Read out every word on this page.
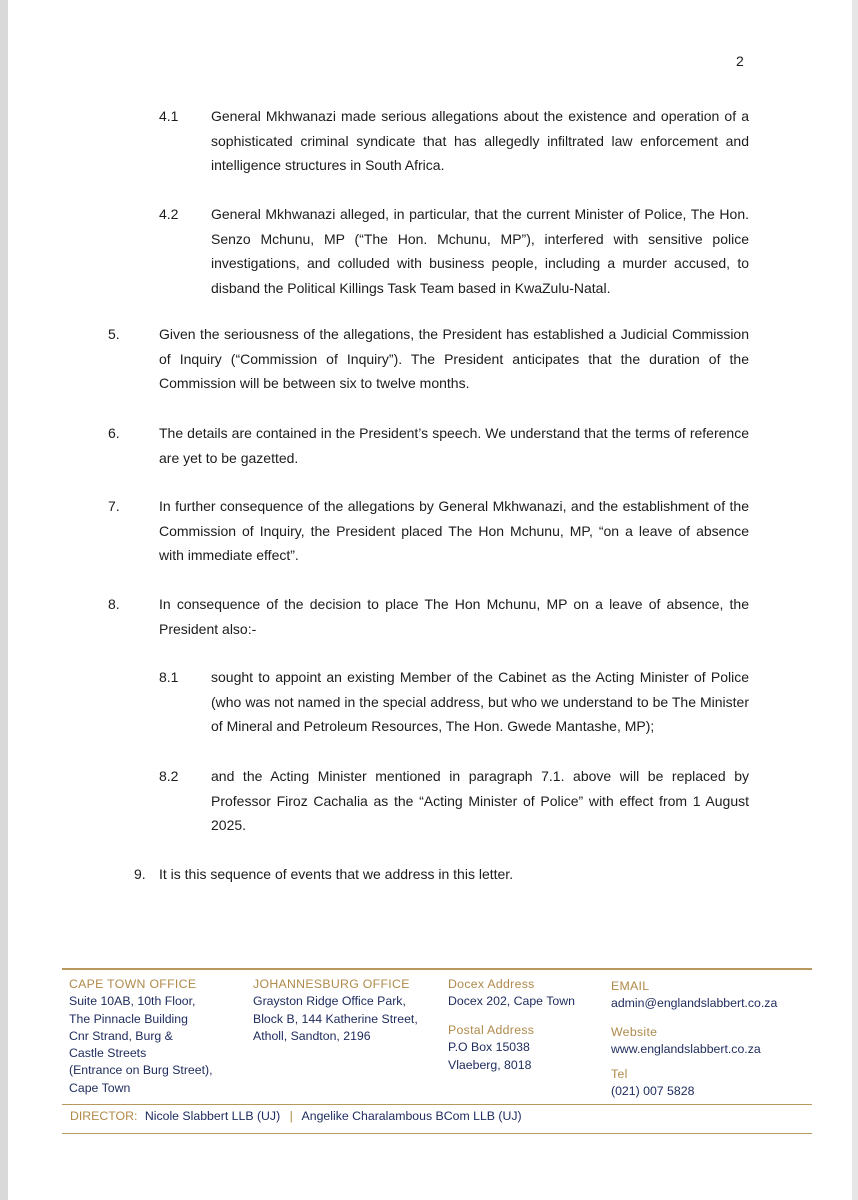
2
4.1 General Mkhwanazi made serious allegations about the existence and operation of a
sophisticated criminal syndicate that has allegedly infiltrated law enforcement and
intelligence structures in South Africa.
4.2 General Mkhwanazi alleged, in particular, that the current Minister of Police, The Hon.
Senzo Mchunu, MP (“The Hon. Mchunu, MP”), interfered with sensitive police
investigations, and colluded with business people, including a murder accused, to
disband the Political Killings Task Team based in KwaZulu-Natal.
5.	Given the seriousness of the allegations, the President has established a Judicial Commission
of Inquiry (“Commission of Inquiry”). The President anticipates that the duration of the
Commission will be between six to twelve months.
6.	The details are contained in the President’s speech. We understand that the terms of reference
are yet to be gazetted.
7.	In further consequence of the allegations by General Mkhwanazi, and the establishment of the
Commission of Inquiry, the President placed The Hon Mchunu, MP, “on a leave of absence
with immediate effect”.
8.	In consequence of the decision to place The Hon Mchunu, MP on a leave of absence, the
President also:-
8.1 sought to appoint an existing Member of the Cabinet as the Acting Minister of Police
(who was not named in the special address, but who we understand to be The Minister
of Mineral and Petroleum Resources, The Hon. Gwede Mantashe, MP);
8.2 and the Acting Minister mentioned in paragraph 7.1. above will be replaced by
Professor Firoz Cachalia as the “Acting Minister of Police” with effect from 1 August
2025.
9. It is this sequence of events that we address in this letter.
CAPE TOWN OFFICE
Suite 10AB, 10th Floor,
The Pinnacle Building
Cnr Strand, Burg &
Castle Streets
(Entrance on Burg Street),
Cape Town
JOHANNESBURG OFFICE
Grayston Ridge Office Park,
Block B, 144 Katherine Street,
Atholl, Sandton, 2196
Docex Address
Docex 202, Cape Town
Postal Address
P.O Box 15038
Vlaeberg, 8018
EMAIL
admin@englandslabbert.co.za
Website
www.englandslabbert.co.za
Tel
(021) 007 5828
DIRECTOR: Nicole Slabbert LLB (UJ) | Angelike Charalambous BCom LLB (UJ)
